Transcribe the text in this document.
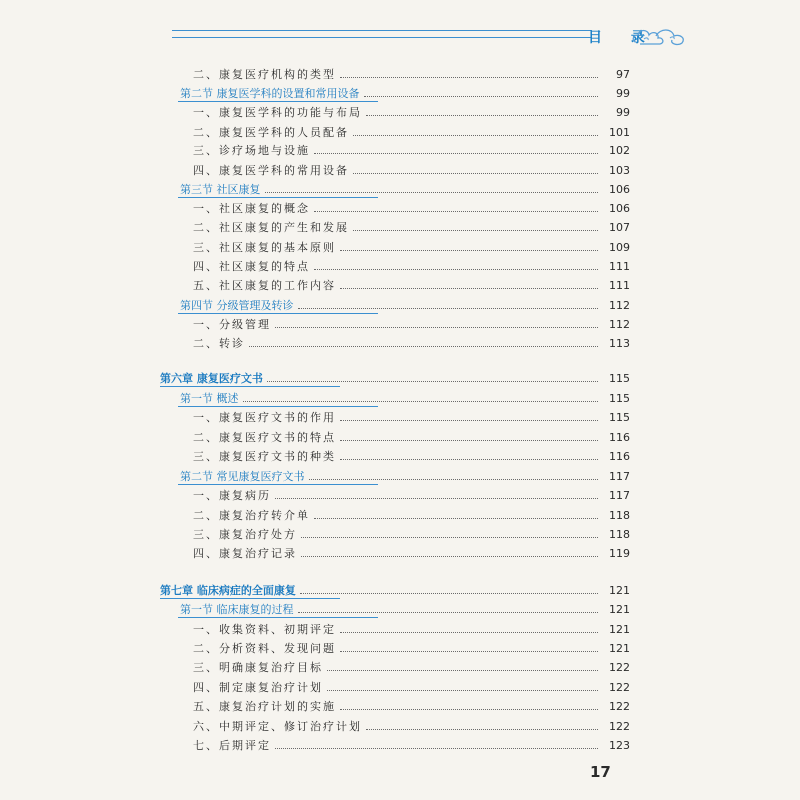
目 录
二、康复医疗机构的类型	97
第二节 康复医学科的设置和常用设备	99
一、康复医学科的功能与布局	99
二、康复医学科的人员配备	101
三、诊疗场地与设施	102
四、康复医学科的常用设备	103
第三节 社区康复	106
一、社区康复的概念	106
二、社区康复的产生和发展	107
三、社区康复的基本原则	109
四、社区康复的特点	111
五、社区康复的工作内容	111
第四节 分级管理及转诊	112
一、分级管理	112
二、转诊	113
第六章 康复医疗文书	115
第一节 概述	115
一、康复医疗文书的作用	115
二、康复医疗文书的特点	116
三、康复医疗文书的种类	116
第二节 常见康复医疗文书	117
一、康复病历	117
二、康复治疗转介单	118
三、康复治疗处方	118
四、康复治疗记录	119
第七章 临床病症的全面康复	121
第一节 临床康复的过程	121
一、收集资料、初期评定	121
二、分析资料、发现问题	121
三、明确康复治疗目标	122
四、制定康复治疗计划	122
五、康复治疗计划的实施	122
六、中期评定、修订治疗计划	122
七、后期评定	123
17
